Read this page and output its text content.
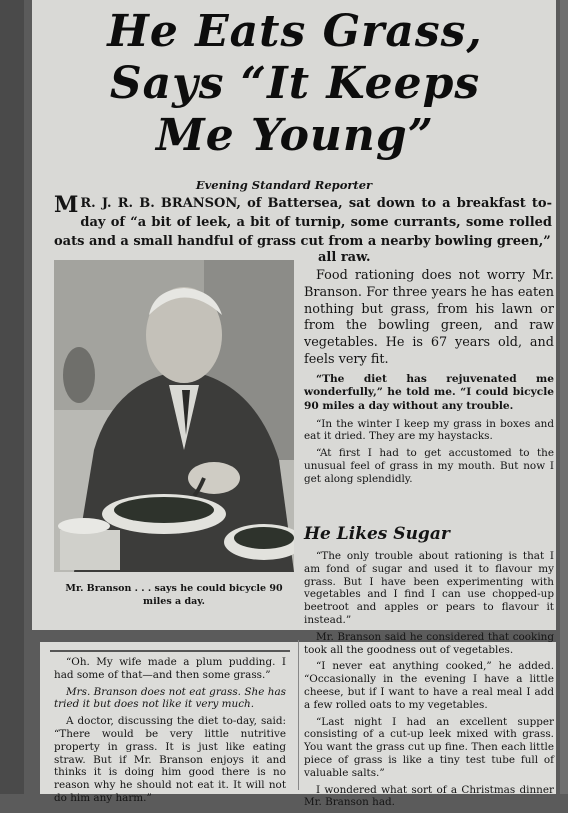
He Eats Grass,
Says “It Keeps
Me Young”
Evening Standard Reporter
M R. J. R. B. BRANSON, of Battersea, sat down to a breakfast to-day of “a bit of leek, a bit of turnip, some currants, some rolled oats and a small handful of grass cut from a nearby bowling green,”
all raw.
Mr. Branson . . . says he could bicycle 90 miles a day.

Food rationing does not worry Mr. Branson. For three years he has eaten nothing but grass, from his lawn or from the bowling green, and raw vegetables. He is 67 years old, and feels very fit.

“The diet has rejuvenated me wonderfully,” he told me. “I could bicycle 90 miles a day without any trouble.

“In the winter I keep my grass in boxes and eat it dried. They are my haystacks.

“At first I had to get accustomed to the unusual feel of grass in my mouth. But now I get along splendidly.

He Likes Sugar

“The only trouble about rationing is that I am fond of sugar and used it to flavour my grass. But I have been experimenting with vegetables and I find I can use chopped-up beetroot and apples or pears to flavour it instead.”

Mr. Branson said he considered that cooking took all the goodness out of vegetables.

“I never eat anything cooked,” he added. “Occasionally in the evening I have a little cheese, but if I want to have a real meal I add a few rolled oats to my vegetables.

“Last night I had an excellent supper consisting of a cut-up leek mixed with grass. You want the grass cut up fine. Then each little piece of grass is like a tiny test tube full of valuable salts.”

I wondered what sort of a Christmas dinner Mr. Branson had.

“Oh. My wife made a plum pudding. I had some of that—and then some grass.”

Mrs. Branson does not eat grass. She has tried it but does not like it very much.

A doctor, discussing the diet to-day, said: “There would be very little nutritive property in grass. It is just like eating straw. But if Mr. Branson enjoys it and thinks it is doing him good there is no reason why he should not eat it. It will not do him any harm.”
